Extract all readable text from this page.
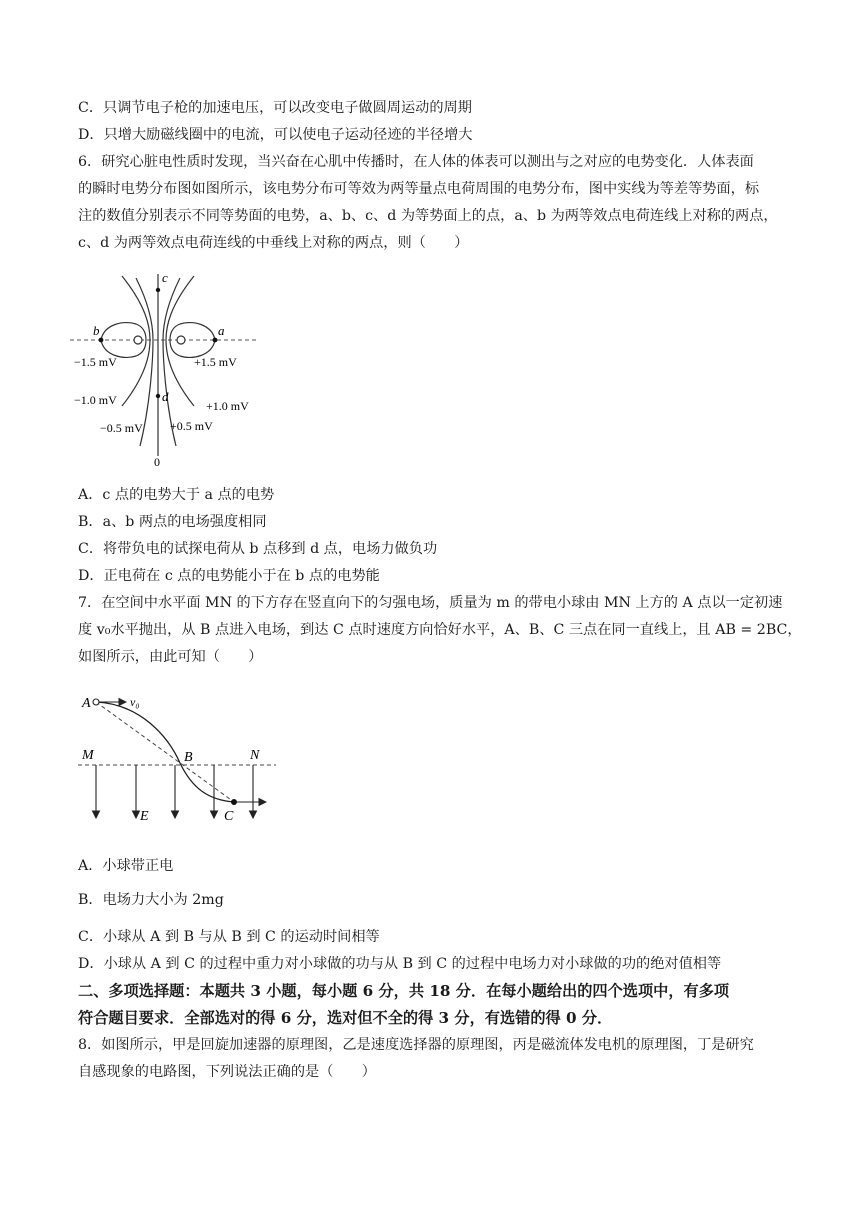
C．只调节电子枪的加速电压，可以改变电子做圆周运动的周期
D．只增大励磁线圈中的电流，可以使电子运动径迹的半径增大
6．研究心脏电性质时发现，当兴奋在心肌中传播时，在人体的体表可以测出与之对应的电势变化．人体表面
的瞬时电势分布图如图所示，该电势分布可等效为两等量点电荷周围的电势分布，图中实线为等差等势面，标
注的数值分别表示不同等势面的电势，a、b、c、d 为等势面上的点，a、b 为两等效点电荷连线上对称的两点，
c、d 为两等效点电荷连线的中垂线上对称的两点，则（　　）
b	a
c
d
0
−1.5 mV	+1.5 mV
−1.0 mV	+1.0 mV
−0.5 mV +0.5 mV
A．c 点的电势大于 a 点的电势
B．a、b 两点的电场强度相同
C．将带负电的试探电荷从 b 点移到 d 点，电场力做负功
D．正电荷在 c 点的电势能小于在 b 点的电势能
7．在空间中水平面 MN 的下方存在竖直向下的匀强电场，质量为 m 的带电小球由 MN 上方的 A 点以一定初速
度 v₀水平抛出，从 B 点进入电场，到达 C 点时速度方向恰好水平，A、B、C 三点在同一直线上，且 AB = 2BC，
如图所示，由此可知（　　）
A	v₀
M	B	N
E	C
A．小球带正电
B．电场力大小为 2mg
C．小球从 A 到 B 与从 B 到 C 的运动时间相等
D．小球从 A 到 C 的过程中重力对小球做的功与从 B 到 C 的过程中电场力对小球做的功的绝对值相等
二、多项选择题：本题共 3 小题，每小题 6 分，共 18 分．在每小题给出的四个选项中，有多项
符合题目要求．全部选对的得 6 分，选对但不全的得 3 分，有选错的得 0 分．
8．如图所示，甲是回旋加速器的原理图，乙是速度选择器的原理图，丙是磁流体发电机的原理图，丁是研究
自感现象的电路图，下列说法正确的是（　　）
